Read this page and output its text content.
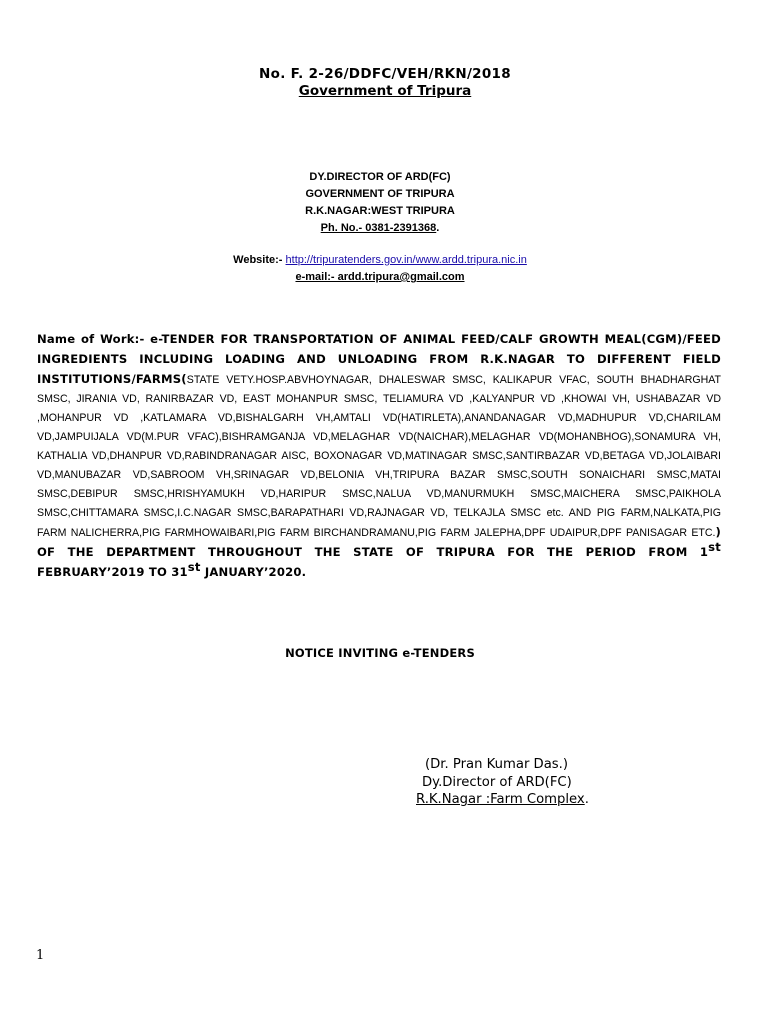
No. F. 2-26/DDFC/VEH/RKN/2018
Government of Tripura
DY.DIRECTOR OF ARD(FC)
GOVERNMENT OF TRIPURA
R.K.NAGAR:WEST TRIPURA
Ph. No.- 0381-2391368.
Website:- http://tripuratenders.gov.in/www.ardd.tripura.nic.in
e-mail:- ardd.tripura@gmail.com
Name of Work:- e-TENDER FOR TRANSPORTATION OF ANIMAL FEED/CALF GROWTH MEAL(CGM)/FEED INGREDIENTS INCLUDING LOADING AND UNLOADING FROM R.K.NAGAR TO DIFFERENT FIELD INSTITUTIONS/FARMS(STATE VETY.HOSP.ABVHOYNAGAR, DHALESWAR SMSC, KALIKAPUR VFAC, SOUTH BHADHARGHAT SMSC, JIRANIA VD, RANIRBAZAR VD, EAST MOHANPUR SMSC, TELIAMURA VD ,KALYANPUR VD ,KHOWAI VH, USHABAZAR VD ,MOHANPUR VD ,KATLAMARA VD,BISHALGARH VH,AMTALI VD(HATIRLETA),ANANDANAGAR VD,MADHUPUR VD,CHARILAM VD,JAMPUIJALA VD(M.PUR VFAC),BISHRAMGANJA VD,MELAGHAR VD(NAICHAR),MELAGHAR VD(MOHANBHOG),SONAMURA VH, KATHALIA VD,DHANPUR VD,RABINDRANAGAR AISC, BOXONAGAR VD,MATINAGAR SMSC,SANTIRBAZAR VD,BETAGA VD,JOLAIBARI VD,MANUBAZAR VD,SABROOM VH,SRINAGAR VD,BELONIA VH,TRIPURA BAZAR SMSC,SOUTH SONAICHARI SMSC,MATAI SMSC,DEBIPUR SMSC,HRISHYAMUKH VD,HARIPUR SMSC,NALUA VD,MANURMUKH SMSC,MAICHERA SMSC,PAIKHOLA SMSC,CHITTAMARA SMSC,I.C.NAGAR SMSC,BARAPATHARI VD,RAJNAGAR VD, TELKAJLA SMSC etc. AND PIG FARM,NALKATA,PIG FARM NALICHERRA,PIG FARMHOWAIBARI,PIG FARM BIRCHANDRAMANU,PIG FARM JALEPHA,DPF UDAIPUR,DPF PANISAGAR ETC.) OF THE DEPARTMENT THROUGHOUT THE STATE OF TRIPURA FOR THE PERIOD FROM 1st FEBRUARY’2019 TO 31st JANUARY’2020.
NOTICE INVITING e-TENDERS
(Dr. Pran Kumar Das.)
Dy.Director of ARD(FC)
R.K.Nagar :Farm Complex.
1
